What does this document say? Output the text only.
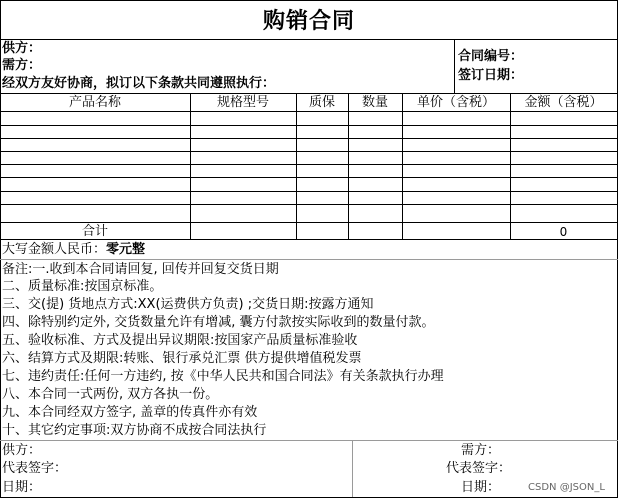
购销合同
供方：
需方：
经双方友好协商，拟订以下条款共同遵照执行：
合同编号：
签订日期：
产品名称	规格型号	质保	数量	单价（含税）	金额（含税）
合计	0
大写金额人民币：零元整
备注:一.收到本合同请回复, 回传并回复交货日期
二、质量标准:按国京标准。
三、交(提) 货地点方式:XX(运费供方负责) ;交货日期:按露方通知
四、除特别约定外, 交货数量允许有增减, 囊方付款按实际收到的数量付款。
五、验收标准、方式及提出异议期限:按国家产品质量标准验收
六、结算方式及期限:转账、银行承兑汇票 供方提供增值税发票
七、违约责任:任何一方违约, 按《中华人民共和国合同法》有关条款执行办理
八、本合同一式两份, 双方各执一份。
九、本合同经双方签字, 盖章的传真件亦有效
十、其它约定事项:双方协商不成按合同法执行
供方：
代表签字：
日期：
需方：
代表签字：
日期：	CSDN @JSON_L
